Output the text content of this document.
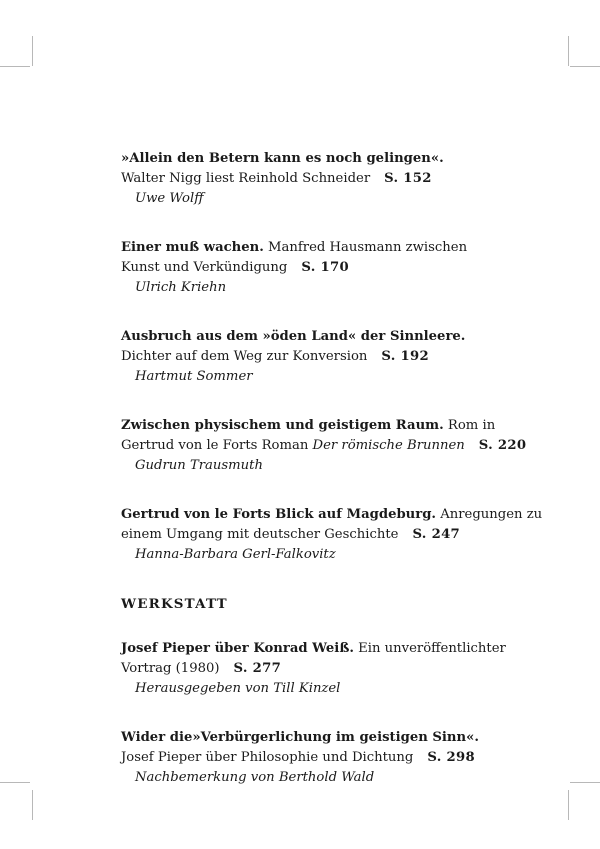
»Allein den Betern kann es noch gelingen«.
Walter Nigg liest Reinhold Schneider S. 152
Uwe Wolff
Einer muß wachen. Manfred Hausmann zwischen
Kunst und Verkündigung S. 170
Ulrich Kriehn
Ausbruch aus dem »öden Land« der Sinnleere.
Dichter auf dem Weg zur Konversion S. 192
Hartmut Sommer
Zwischen physischem und geistigem Raum. Rom in
Gertrud von le Forts Roman Der römische Brunnen S. 220
Gudrun Trausmuth
Gertrud von le Forts Blick auf Magdeburg. Anregungen zu
einem Umgang mit deutscher Geschichte S. 247
Hanna-Barbara Gerl-Falkovitz
WERKSTATT
Josef Pieper über Konrad Weiß. Ein unveröffentlichter
Vortrag (1980) S. 277
Herausgegeben von Till Kinzel
Wider die»Verbürgerlichung im geistigen Sinn«.
Josef Pieper über Philosophie und Dichtung S. 298
Nachbemerkung von Berthold Wald
